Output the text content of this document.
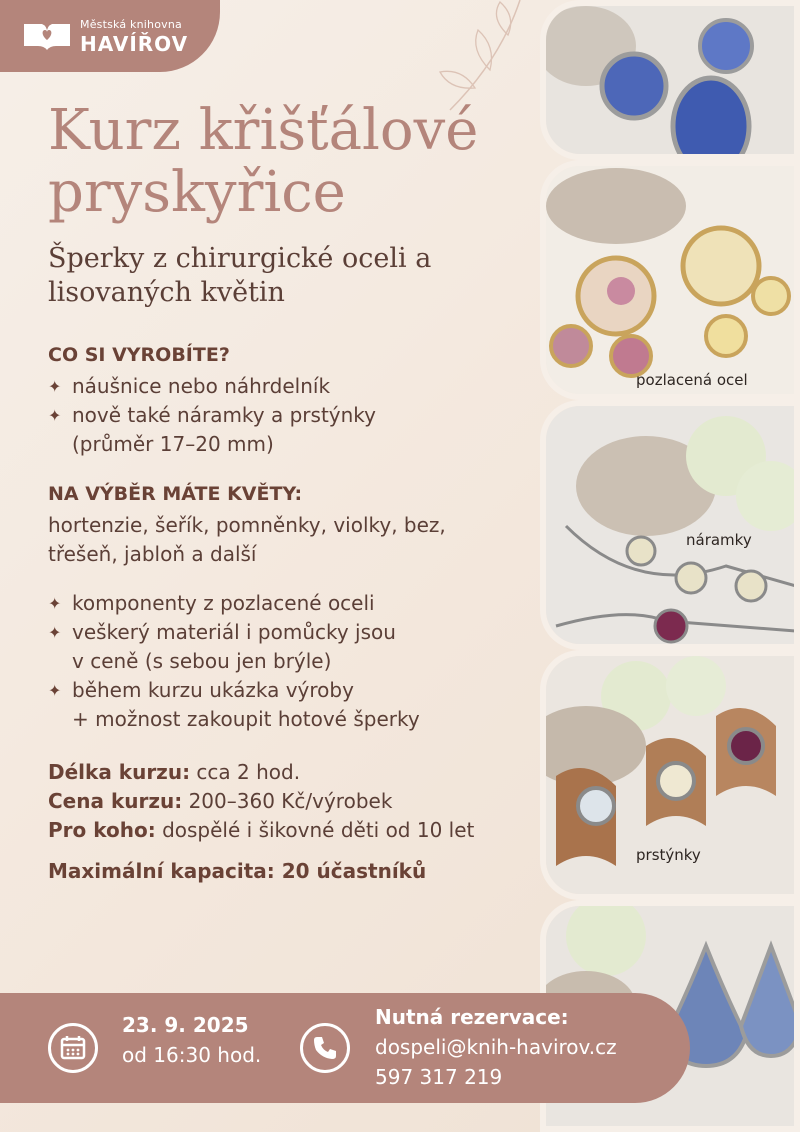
Městská knihovna
HAVÍŘOV
Kurz křišťálové pryskyřice

Šperky z chirurgické oceli a lisovaných květin

CO SI VYROBÍTE?

✦ náušnice nebo náhrdelník
✦ nově také náramky a prstýnky
(průměr 17–20 mm)

NA VÝBĚR MÁTE KVĚTY:

hortenzie, šeřík, pomněnky, violky, bez, třešeň, jabloň a další

✦ komponenty z pozlacené oceli
✦ veškerý materiál i pomůcky jsou
v ceně (s sebou jen brýle)
✦ během kurzu ukázka výroby
+ možnost zakoupit hotové šperky
Délka kurzu: cca 2 hod.
Cena kurzu: 200–360 Kč/výrobek
Pro koho: dospělé i šikovné děti od 10 let
Maximální kapacita: 20 účastníků
pozlacená ocel
náramky
prstýnky
23. 9. 2025
od 16:30 hod.
Nutná rezervace:
dospeli@knih-havirov.cz
597 317 219
